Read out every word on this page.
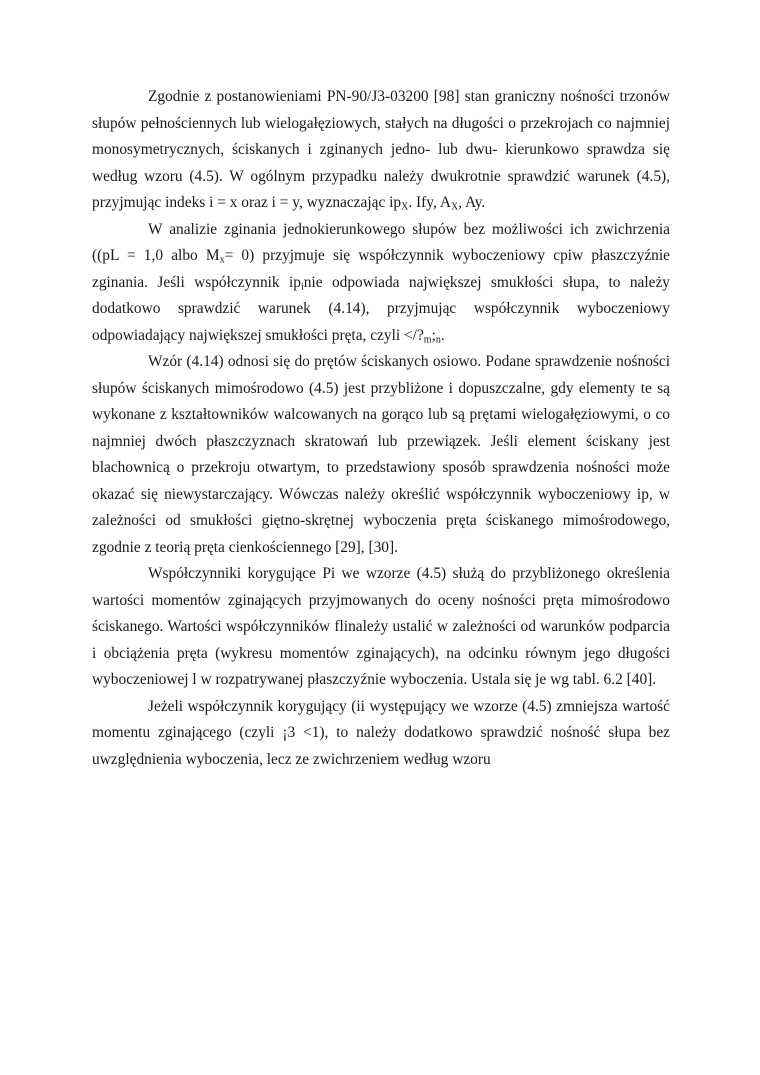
Zgodnie z postanowieniami PN-90/J3-03200 [98] stan graniczny nośności trzonów
słupów pełnościennych lub wielogałęziowych, stałych na długości o przekrojach co najmniej
monosymetrycznych, ściskanych i zginanych jedno- lub dwu- kierunkowo sprawdza się
według wzoru (4.5). W ogólnym przypadku należy dwukrotnie sprawdzić warunek (4.5),
przyjmując indeks i = x oraz i = y, wyznaczając $ip_X$. Ify, $A_X$, Ay.

W analizie zginania jednokierunkowego słupów bez możliwości ich zwichrzenia
((pL = 1,0 albo $M_x= 0$) przyjmuje się współczynnik wyboczeniowy cpiw płaszczyźnie
zginania. Jeśli współczynnik $ip_inie$ odpowiada największej smukłości słupa, to należy
dodatkowo sprawdzić warunek (4.14), przyjmując współczynnik wyboczeniowy
odpowiadający największej smukłości pręta, czyli $</?_m;_n$.

Wzór (4.14) odnosi się do prętów ściskanych osiowo. Podane sprawdzenie nośności
słupów ściskanych mimośrodowo (4.5) jest przybliżone i dopuszczalne, gdy elementy te są
wykonane z kształtowników walcowanych na gorąco lub są prętami wielogałęziowymi, o co
najmniej dwóch płaszczyznach skratowań lub przewiązek. Jeśli element ściskany jest
blachownicą o przekroju otwartym, to przedstawiony sposób sprawdzenia nośności może
okazać się niewystarczający. Wówczas należy określić współczynnik wyboczeniowy ip, w
zależności od smukłości giętno-skrętnej wyboczenia pręta ściskanego mimośrodowego,
zgodnie z teorią pręta cienkościennego [29], [30].

Współczynniki korygujące Pi we wzorze (4.5) służą do przybliżonego określenia
wartości momentów zginających przyjmowanych do oceny nośności pręta mimośrodowo
ściskanego. Wartości współczynników flinależy ustalić w zależności od warunków podparcia
i obciążenia pręta (wykresu momentów zginających), na odcinku równym jego długości
wyboczeniowej l w rozpatrywanej płaszczyźnie wyboczenia. Ustala się je wg tabl. 6.2 [40].

Jeżeli współczynnik korygujący (ii występujący we wzorze (4.5) zmniejsza wartość
momentu zginającego (czyli ¡3 <1), to należy dodatkowo sprawdzić nośność słupa bez
uwzględnienia wyboczenia, lecz ze zwichrzeniem według wzoru
